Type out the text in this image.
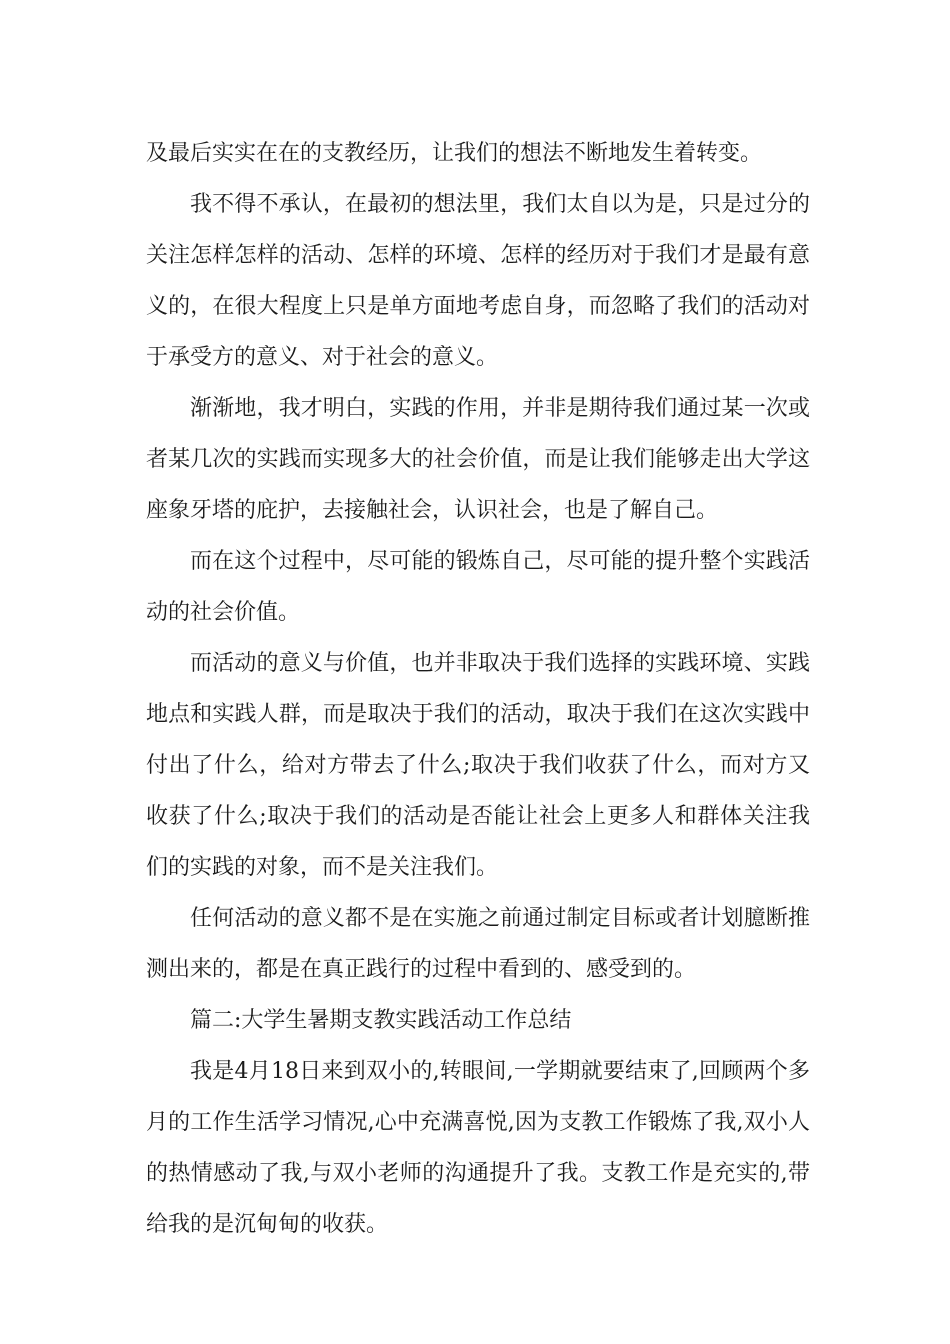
及最后实实在在的支教经历，让我们的想法不断地发生着转变。

我不得不承认，在最初的想法里，我们太自以为是，只是过分的关注怎样怎样的活动、怎样的环境、怎样的经历对于我们才是最有意义的，在很大程度上只是单方面地考虑自身，而忽略了我们的活动对于承受方的意义、对于社会的意义。

渐渐地，我才明白，实践的作用，并非是期待我们通过某一次或者某几次的实践而实现多大的社会价值，而是让我们能够走出大学这座象牙塔的庇护，去接触社会，认识社会，也是了解自己。

而在这个过程中，尽可能的锻炼自己，尽可能的提升整个实践活动的社会价值。

而活动的意义与价值，也并非取决于我们选择的实践环境、实践地点和实践人群，而是取决于我们的活动，取决于我们在这次实践中付出了什么，给对方带去了什么;取决于我们收获了什么，而对方又收获了什么;取决于我们的活动是否能让社会上更多人和群体关注我们的实践的对象，而不是关注我们。

任何活动的意义都不是在实施之前通过制定目标或者计划臆断推测出来的，都是在真正践行的过程中看到的、感受到的。

篇二:大学生暑期支教实践活动工作总结

我是4月18日来到双小的,转眼间,一学期就要结束了,回顾两个多月的工作生活学习情况,心中充满喜悦,因为支教工作锻炼了我,双小人的热情感动了我,与双小老师的沟通提升了我。支教工作是充实的,带给我的是沉甸甸的收获。
